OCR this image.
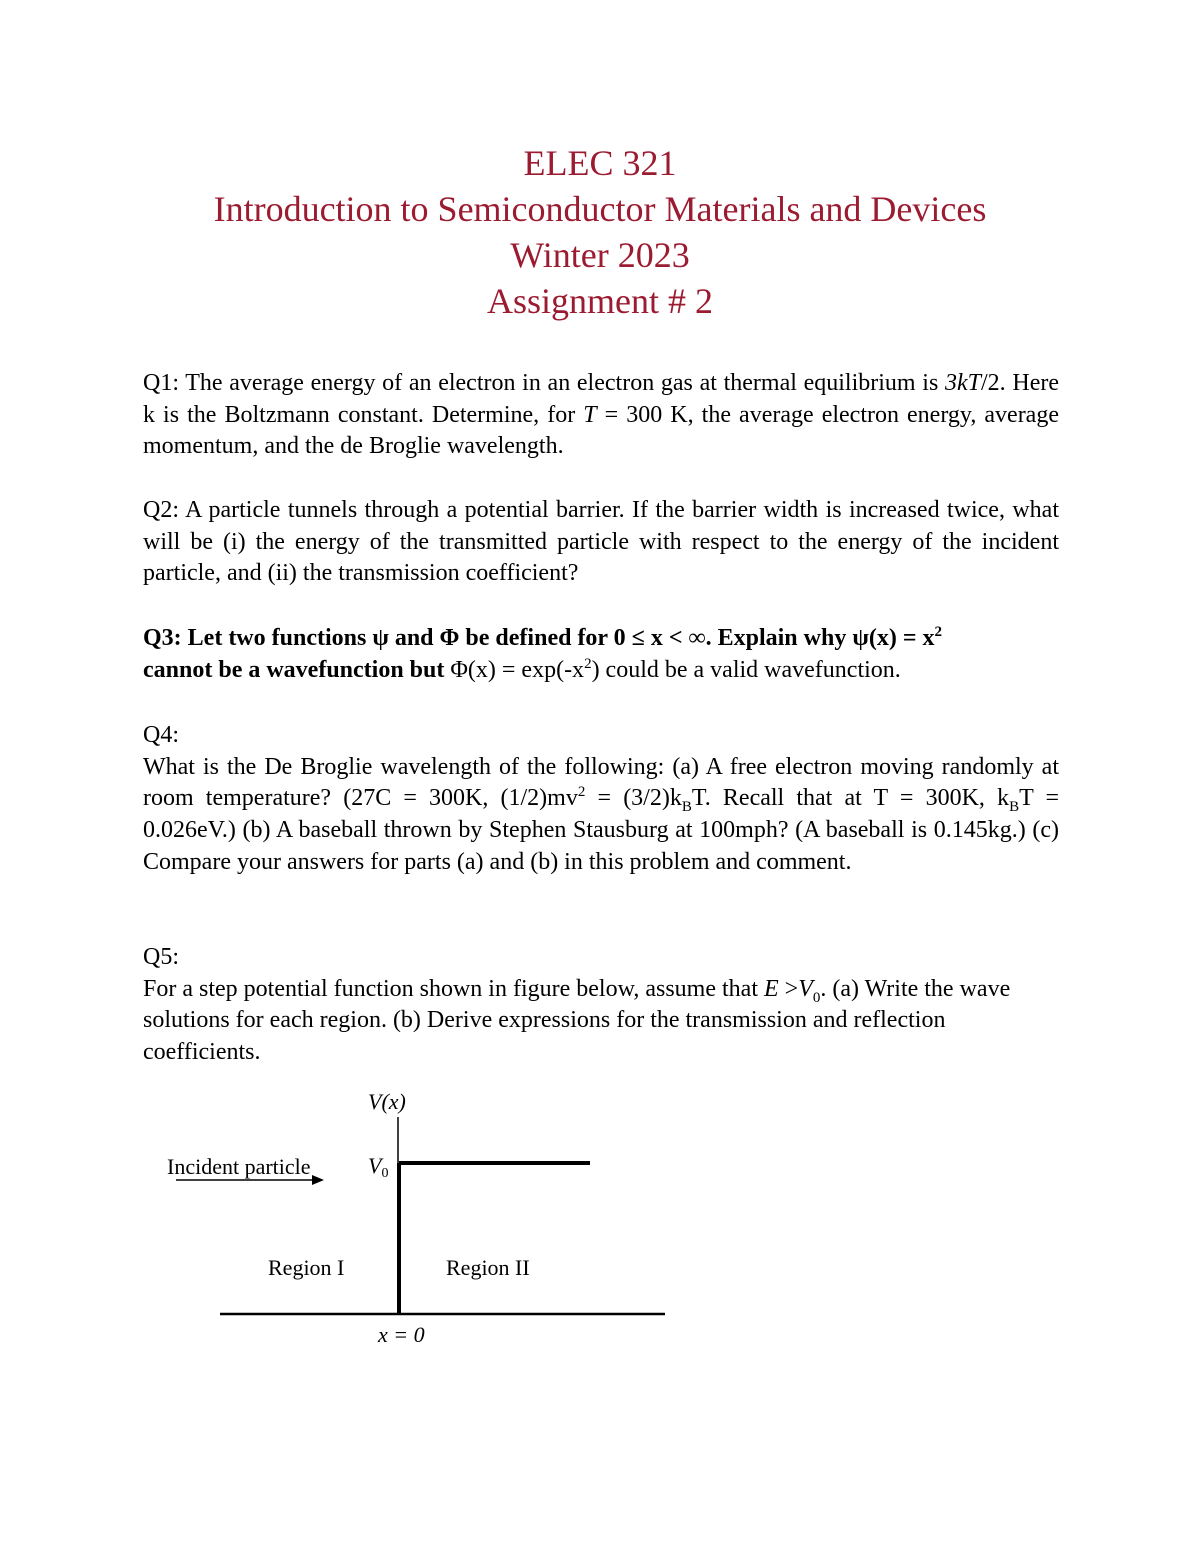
ELEC 321
Introduction to Semiconductor Materials and Devices
Winter 2023
Assignment # 2

Q1: The average energy of an electron in an electron gas at thermal equilibrium is 3kT/2. Here k is the Boltzmann constant. Determine, for T = 300 K, the average electron energy, average momentum, and the de Broglie wavelength.

Q2: A particle tunnels through a potential barrier. If the barrier width is increased twice, what will be (i) the energy of the transmitted particle with respect to the energy of the incident particle, and (ii) the transmission coefficient?

Q3: Let two functions ψ and Φ be defined for 0 ≤ x < ∞. Explain why $\psi(x) = x^2$

cannot be a wavefunction but $\Phi(x) = \exp(-x^2)$ could be a valid wavefunction.

Q4:

What is the De Broglie wavelength of the following: (a) A free electron moving randomly at room temperature? (27C = 300K, $(1/2)mv^2 = (3/2)k_BT$. Recall that at T = 300K, $k_BT = 0.026eV$.) (b) A baseball thrown by Stephen Stausburg at 100mph? (A baseball is 0.145kg.) (c) Compare your answers for parts (a) and (b) in this problem and comment.

Q5:

For a step potential function shown in figure below, assume that $E >V_0$. (a) Write the wave solutions for each region. (b) Derive expressions for the transmission and reflection coefficients.

V(x)
Incident particle	V0
Region I	Region II
x = 0
